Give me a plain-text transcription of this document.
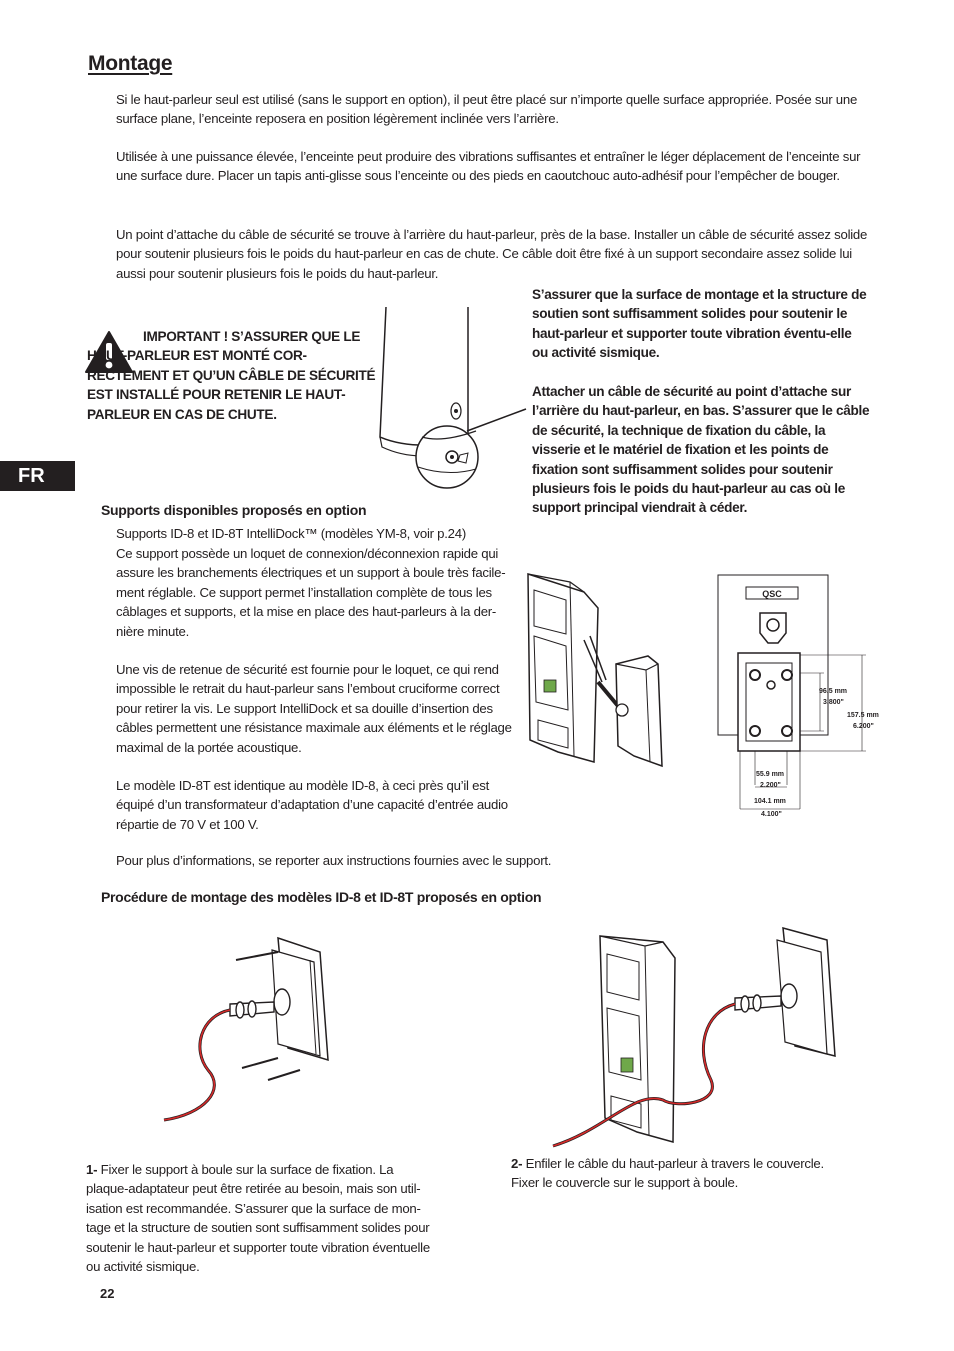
Montage
Si le haut-parleur seul est utilisé (sans le support en option), il peut être placé sur n’importe quelle surface appropriée. Posée sur une surface plane, l’enceinte reposera en position légèrement inclinée vers l’arrière.
Utilisée à une puissance élevée, l’enceinte peut produire des vibrations suffisantes et entraîner le léger déplacement de l’enceinte sur une surface dure. Placer un tapis anti-glisse sous l’enceinte ou des pieds en caoutchouc auto-adhésif pour l’empêcher de bouger.
Un point d’attache du câble de sécurité se trouve à l’arrière du haut-parleur, près de la base. Installer un câble de sécurité assez solide pour soutenir plusieurs fois le poids du haut-parleur en cas de chute. Ce câble doit être fixé à un support secondaire assez solide lui aussi pour soutenir plusieurs fois le poids du haut-parleur.
IMPORTANT ! S’ASSURER QUE LE HAUT-PARLEUR EST MONTÉ COR-RECTEMENT ET QU’UN CÂBLE DE SÉCURITÉ EST INSTALLÉ POUR RETENIR LE HAUT-PARLEUR EN CAS DE CHUTE.
S’assurer que la surface de montage et la structure de soutien sont suffisamment solides pour soutenir le haut-parleur et supporter toute vibration éventu-elle ou activité sismique.
Attacher un câble de sécurité au point d’attache sur l’arrière du haut-parleur, en bas. S’assurer que le câble de sécurité, la technique de fixation du câble, la visserie et le matériel de fixation et les points de fixation sont suffisamment solides pour soutenir plusieurs fois le poids du haut-parleur au cas où le support principal viendrait à céder.
FR
Supports disponibles proposés en option
Supports ID-8 et ID-8T IntelliDock™ (modèles YM-8, voir p.24)
Ce support possède un loquet de connexion/déconnexion rapide qui assure les branchements électriques et un support à boule très facile-ment réglable. Ce support permet l’installation complète de tous les câblages et supports, et la mise en place des haut-parleurs à la der-nière minute.
Une vis de retenue de sécurité est fournie pour le loquet, ce qui rend impossible le retrait du haut-parleur sans l’embout cruciforme correct pour retirer la vis. Le support IntelliDock et sa douille d’insertion des câbles permettent une résistance maximale aux éléments et le réglage maximal de la portée acoustique.
Le modèle ID-8T est identique au modèle ID-8, à ceci près qu’il est équipé d’un transformateur d’adaptation d’une capacité d’entrée audio répartie de 70 V et 100 V.
Pour plus d’informations, se reporter aux instructions fournies avec le support.
QSC
96.5 mm
3.800"
157.5 mm
6.200"
55.9 mm
2.200"
104.1 mm
4.100"
Procédure de montage des modèles ID-8 et ID-8T proposés en option
1- Fixer le support à boule sur la surface de fixation. La plaque-adaptateur peut être retirée au besoin, mais son util-isation est recommandée. S’assurer que la surface de mon-tage et la structure de soutien sont suffisamment solides pour soutenir le haut-parleur et supporter toute vibration éventuelle ou activité sismique.
2- Enfiler le câble du haut-parleur à travers le couvercle. Fixer le couvercle sur le support à boule.
22
